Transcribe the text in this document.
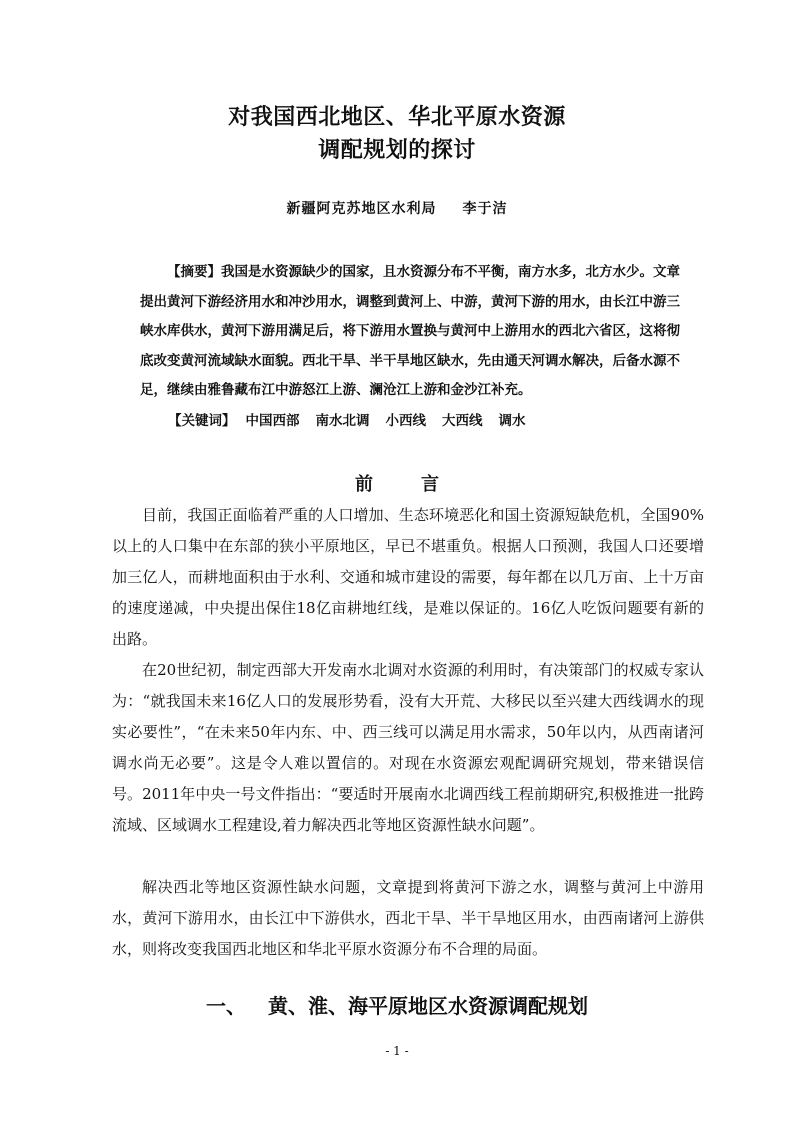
对我国西北地区、华北平原水资源
调配规划的探讨
新疆阿克苏地区水利局 李于洁

【摘要】我国是水资源缺少的国家，且水资源分布不平衡，南方水多，北方水少。文章提出黄河下游经济用水和冲沙用水，调整到黄河上、中游，黄河下游的用水，由长江中游三峡水库供水，黄河下游用满足后，将下游用水置换与黄河中上游用水的西北六省区，这将彻底改变黄河流域缺水面貌。西北干旱、半干旱地区缺水，先由通天河调水解决，后备水源不足，继续由雅鲁藏布江中游怒江上游、澜沧江上游和金沙江补充。

【关键词】 中国西部 南水北调 小西线 大西线 调水
前言

目前，我国正面临着严重的人口增加、生态环境恶化和国土资源短缺危机，全国90%以上的人口集中在东部的狭小平原地区，早已不堪重负。根据人口预测，我国人口还要增加三亿人，而耕地面积由于水利、交通和城市建设的需要，每年都在以几万亩、上十万亩的速度递减，中央提出保住18亿亩耕地红线，是难以保证的。16亿人吃饭问题要有新的出路。

在20世纪初，制定西部大开发南水北调对水资源的利用时，有决策部门的权威专家认为：“就我国未来16亿人口的发展形势看，没有大开荒、大移民以至兴建大西线调水的现实必要性”，“在未来50年内东、中、西三线可以满足用水需求，50年以内，从西南诸河调水尚无必要”。这是令人难以置信的。对现在水资源宏观配调研究规划，带来错误信号。2011年中央一号文件指出：“要适时开展南水北调西线工程前期研究,积极推进一批跨流域、区域调水工程建设,着力解决西北等地区资源性缺水问题”。

解决西北等地区资源性缺水问题，文章提到将黄河下游之水，调整与黄河上中游用水，黄河下游用水，由长江中下游供水，西北干旱、半干旱地区用水，由西南诸河上游供水，则将改变我国西北地区和华北平原水资源分布不合理的局面。

一、 黄、淮、海平原地区水资源调配规划
- 1 -
